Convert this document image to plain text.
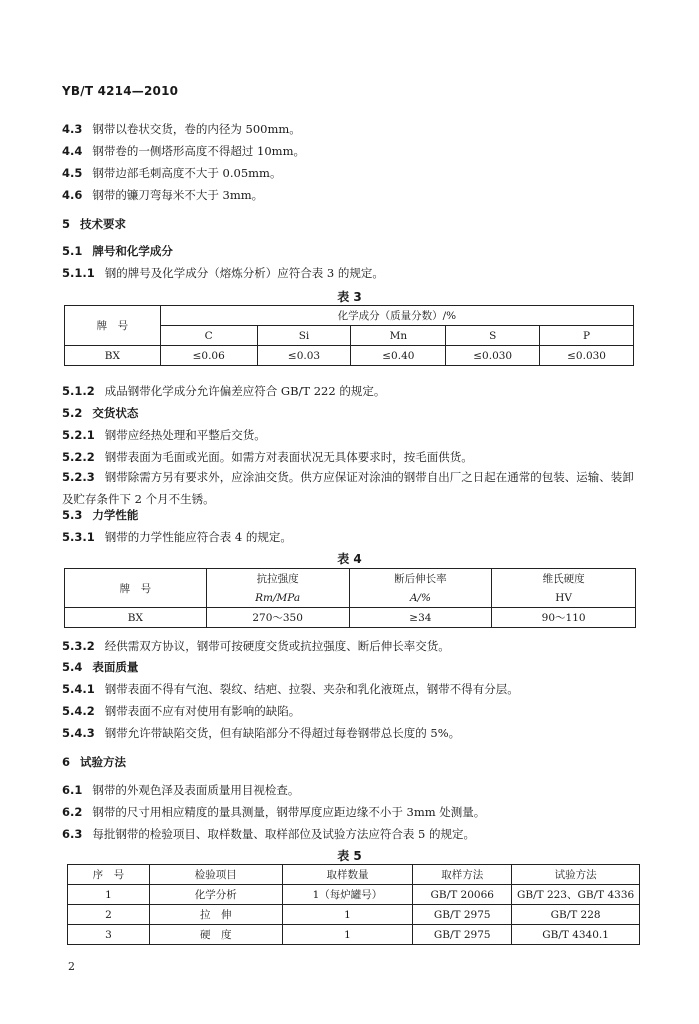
YB/T 4214—2010
4.3 钢带以卷状交货，卷的内径为 500mm。
4.4 钢带卷的一侧塔形高度不得超过 10mm。
4.5 钢带边部毛刺高度不大于 0.05mm。
4.6 钢带的镰刀弯每米不大于 3mm。
5 技术要求
5.1 牌号和化学成分
5.1.1 钢的牌号及化学成分（熔炼分析）应符合表 3 的规定。
表 3
牌　号	化学成分（质量分数）/%				
	C	Si	Mn	S	P
BX	≤0.06	≤0.03	≤0.40	≤0.030	≤0.030
5.1.2 成品钢带化学成分允许偏差应符合 GB/T 222 的规定。
5.2 交货状态
5.2.1 钢带应经热处理和平整后交货。
5.2.2 钢带表面为毛面或光面。如需方对表面状况无具体要求时，按毛面供货。
5.2.3 钢带除需方另有要求外，应涂油交货。供方应保证对涂油的钢带自出厂之日起在通常的包装、运输、装卸及贮存条件下 2 个月不生锈。
5.3 力学性能
5.3.1 钢带的力学性能应符合表 4 的规定。
表 4
牌　号	抗拉强度	断后伸长率	维氏硬度
	Rm/MPa	A/%	HV
BX	270～350	≥34	90～110
5.3.2 经供需双方协议，钢带可按硬度交货或抗拉强度、断后伸长率交货。
5.4 表面质量
5.4.1 钢带表面不得有气泡、裂纹、结疤、拉裂、夹杂和乳化液斑点，钢带不得有分层。
5.4.2 钢带表面不应有对使用有影响的缺陷。
5.4.3 钢带允许带缺陷交货，但有缺陷部分不得超过每卷钢带总长度的 5%。
6 试验方法
6.1 钢带的外观色泽及表面质量用目视检查。
6.2 钢带的尺寸用相应精度的量具测量，钢带厚度应距边缘不小于 3mm 处测量。
6.3 每批钢带的检验项目、取样数量、取样部位及试验方法应符合表 5 的规定。
表 5
序　号	检验项目	取样数量	取样方法	试验方法
1	化学分析	1（每炉罐号）	GB/T 20066	GB/T 223、GB/T 4336
2	拉　伸	1	GB/T 2975	GB/T 228
3	硬　度	1	GB/T 2975	GB/T 4340.1
2
